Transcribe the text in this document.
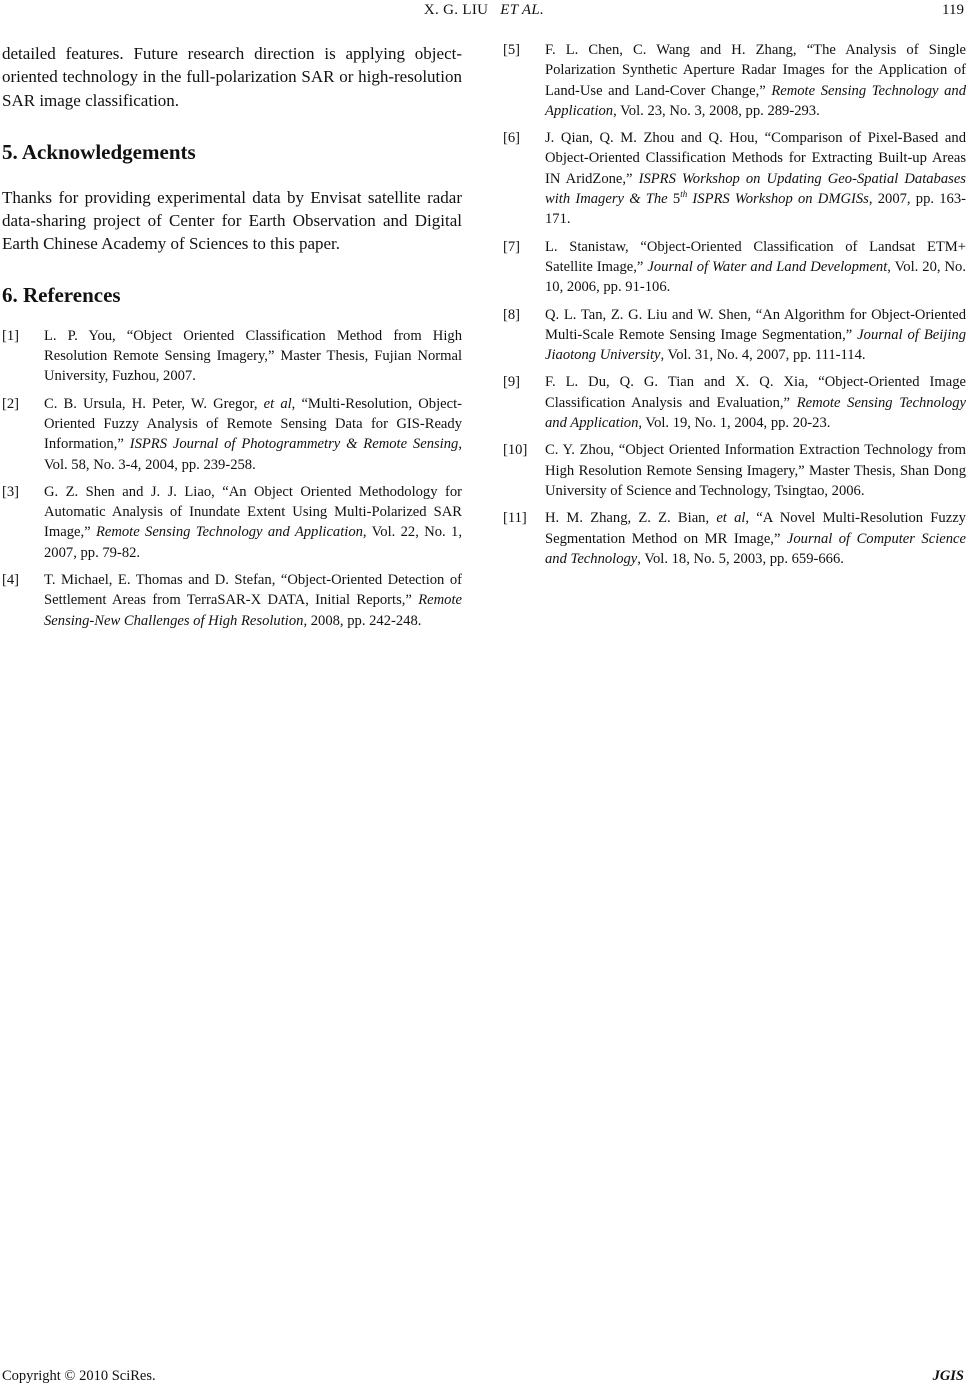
X. G. LIU ET AL.	119

detailed features. Future research direction is applying object-oriented technology in the full-polarization SAR or high-resolution SAR image classification.

5. Acknowledgements

Thanks for providing experimental data by Envisat satellite radar data-sharing project of Center for Earth Observation and Digital Earth Chinese Academy of Sciences to this paper.

6. References
[1] L. P. You, “Object Oriented Classification Method from High Resolution Remote Sensing Imagery,” Master Thesis, Fujian Normal University, Fuzhou, 2007.
[2] C. B. Ursula, H. Peter, W. Gregor, et al, “Multi-Resolution, Object-Oriented Fuzzy Analysis of Remote Sensing Data for GIS-Ready Information,” ISPRS Journal of Photogrammetry & Remote Sensing, Vol. 58, No. 3-4, 2004, pp. 239-258.
[3] G. Z. Shen and J. J. Liao, “An Object Oriented Methodology for Automatic Analysis of Inundate Extent Using Multi-Polarized SAR Image,” Remote Sensing Technology and Application, Vol. 22, No. 1, 2007, pp. 79-82.
[4] T. Michael, E. Thomas and D. Stefan, “Object-Oriented Detection of Settlement Areas from TerraSAR-X DATA, Initial Reports,” Remote Sensing-New Challenges of High Resolution, 2008, pp. 242-248.
[5] F. L. Chen, C. Wang and H. Zhang, “The Analysis of Single Polarization Synthetic Aperture Radar Images for the Application of Land-Use and Land-Cover Change,” Remote Sensing Technology and Application, Vol. 23, No. 3, 2008, pp. 289-293.
[6] J. Qian, Q. M. Zhou and Q. Hou, “Comparison of Pixel-Based and Object-Oriented Classification Methods for Extracting Built-up Areas IN AridZone,” ISPRS Workshop on Updating Geo-Spatial Databases with Imagery & The 5th ISPRS Workshop on DMGISs, 2007, pp. 163-171.
[7] L. Stanistaw, “Object-Oriented Classification of Landsat ETM+ Satellite Image,” Journal of Water and Land Development, Vol. 20, No. 10, 2006, pp. 91-106.
[8] Q. L. Tan, Z. G. Liu and W. Shen, “An Algorithm for Object-Oriented Multi-Scale Remote Sensing Image Segmentation,” Journal of Beijing Jiaotong University, Vol. 31, No. 4, 2007, pp. 111-114.
[9] F. L. Du, Q. G. Tian and X. Q. Xia, “Object-Oriented Image Classification Analysis and Evaluation,” Remote Sensing Technology and Application, Vol. 19, No. 1, 2004, pp. 20-23.
[10] C. Y. Zhou, “Object Oriented Information Extraction Technology from High Resolution Remote Sensing Imagery,” Master Thesis, Shan Dong University of Science and Technology, Tsingtao, 2006.
[11] H. M. Zhang, Z. Z. Bian, et al, “A Novel Multi-Resolution Fuzzy Segmentation Method on MR Image,” Journal of Computer Science and Technology, Vol. 18, No. 5, 2003, pp. 659-666.
Copyright © 2010 SciRes.	JGIS
